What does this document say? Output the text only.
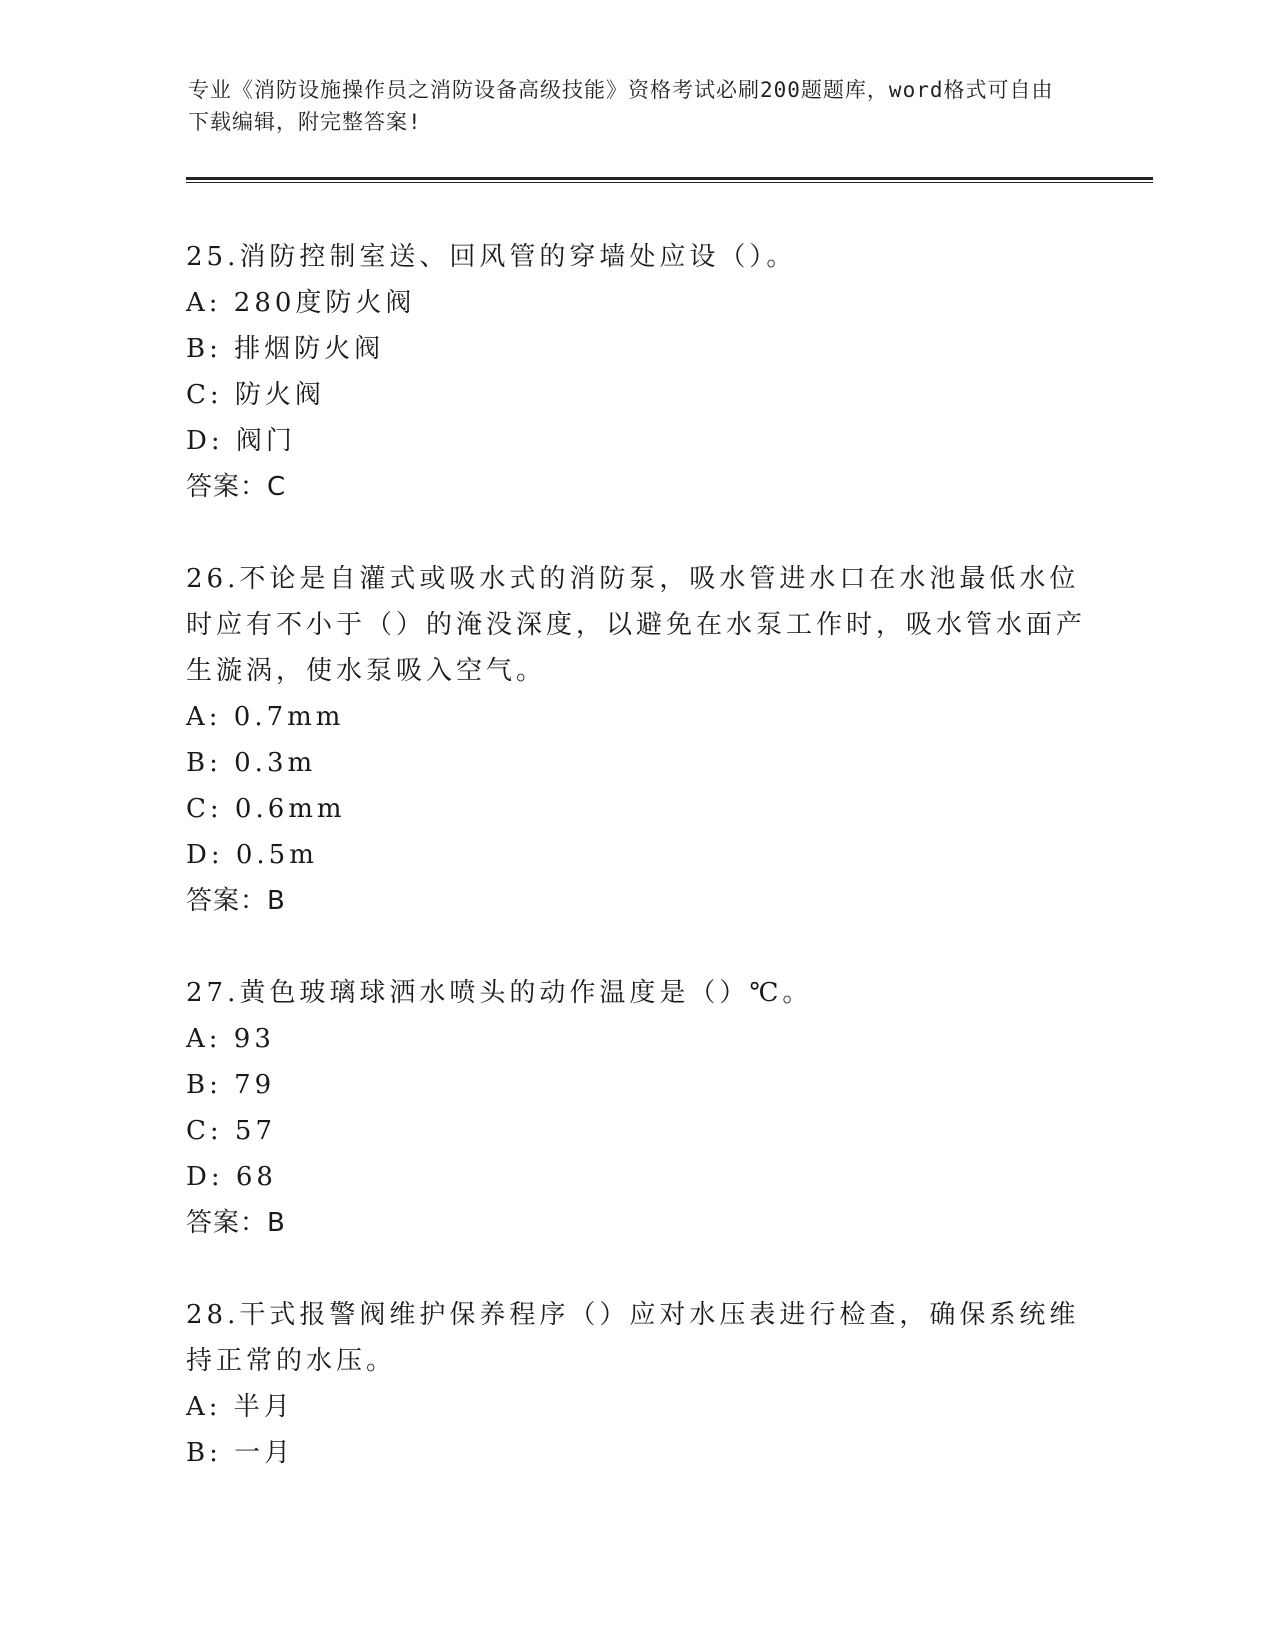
专业《消防设施操作员之消防设备高级技能》资格考试必刷200题题库，word格式可自由下载编辑，附完整答案!

25.消防控制室送、回风管的穿墙处应设（）。

A: 280度防火阀

B: 排烟防火阀

C: 防火阀

D: 阀门

答案：C

26.不论是自灌式或吸水式的消防泵，吸水管进水口在水池最低水位时应有不小于（）的淹没深度，以避免在水泵工作时，吸水管水面产生漩涡，使水泵吸入空气。

A: 0.7mm

B: 0.3m

C: 0.6mm

D: 0.5m

答案：B

27.黄色玻璃球洒水喷头的动作温度是（）℃。

A: 93

B: 79

C: 57

D: 68

答案：B

28.干式报警阀维护保养程序（）应对水压表进行检查，确保系统维持正常的水压。

A: 半月

B: 一月
